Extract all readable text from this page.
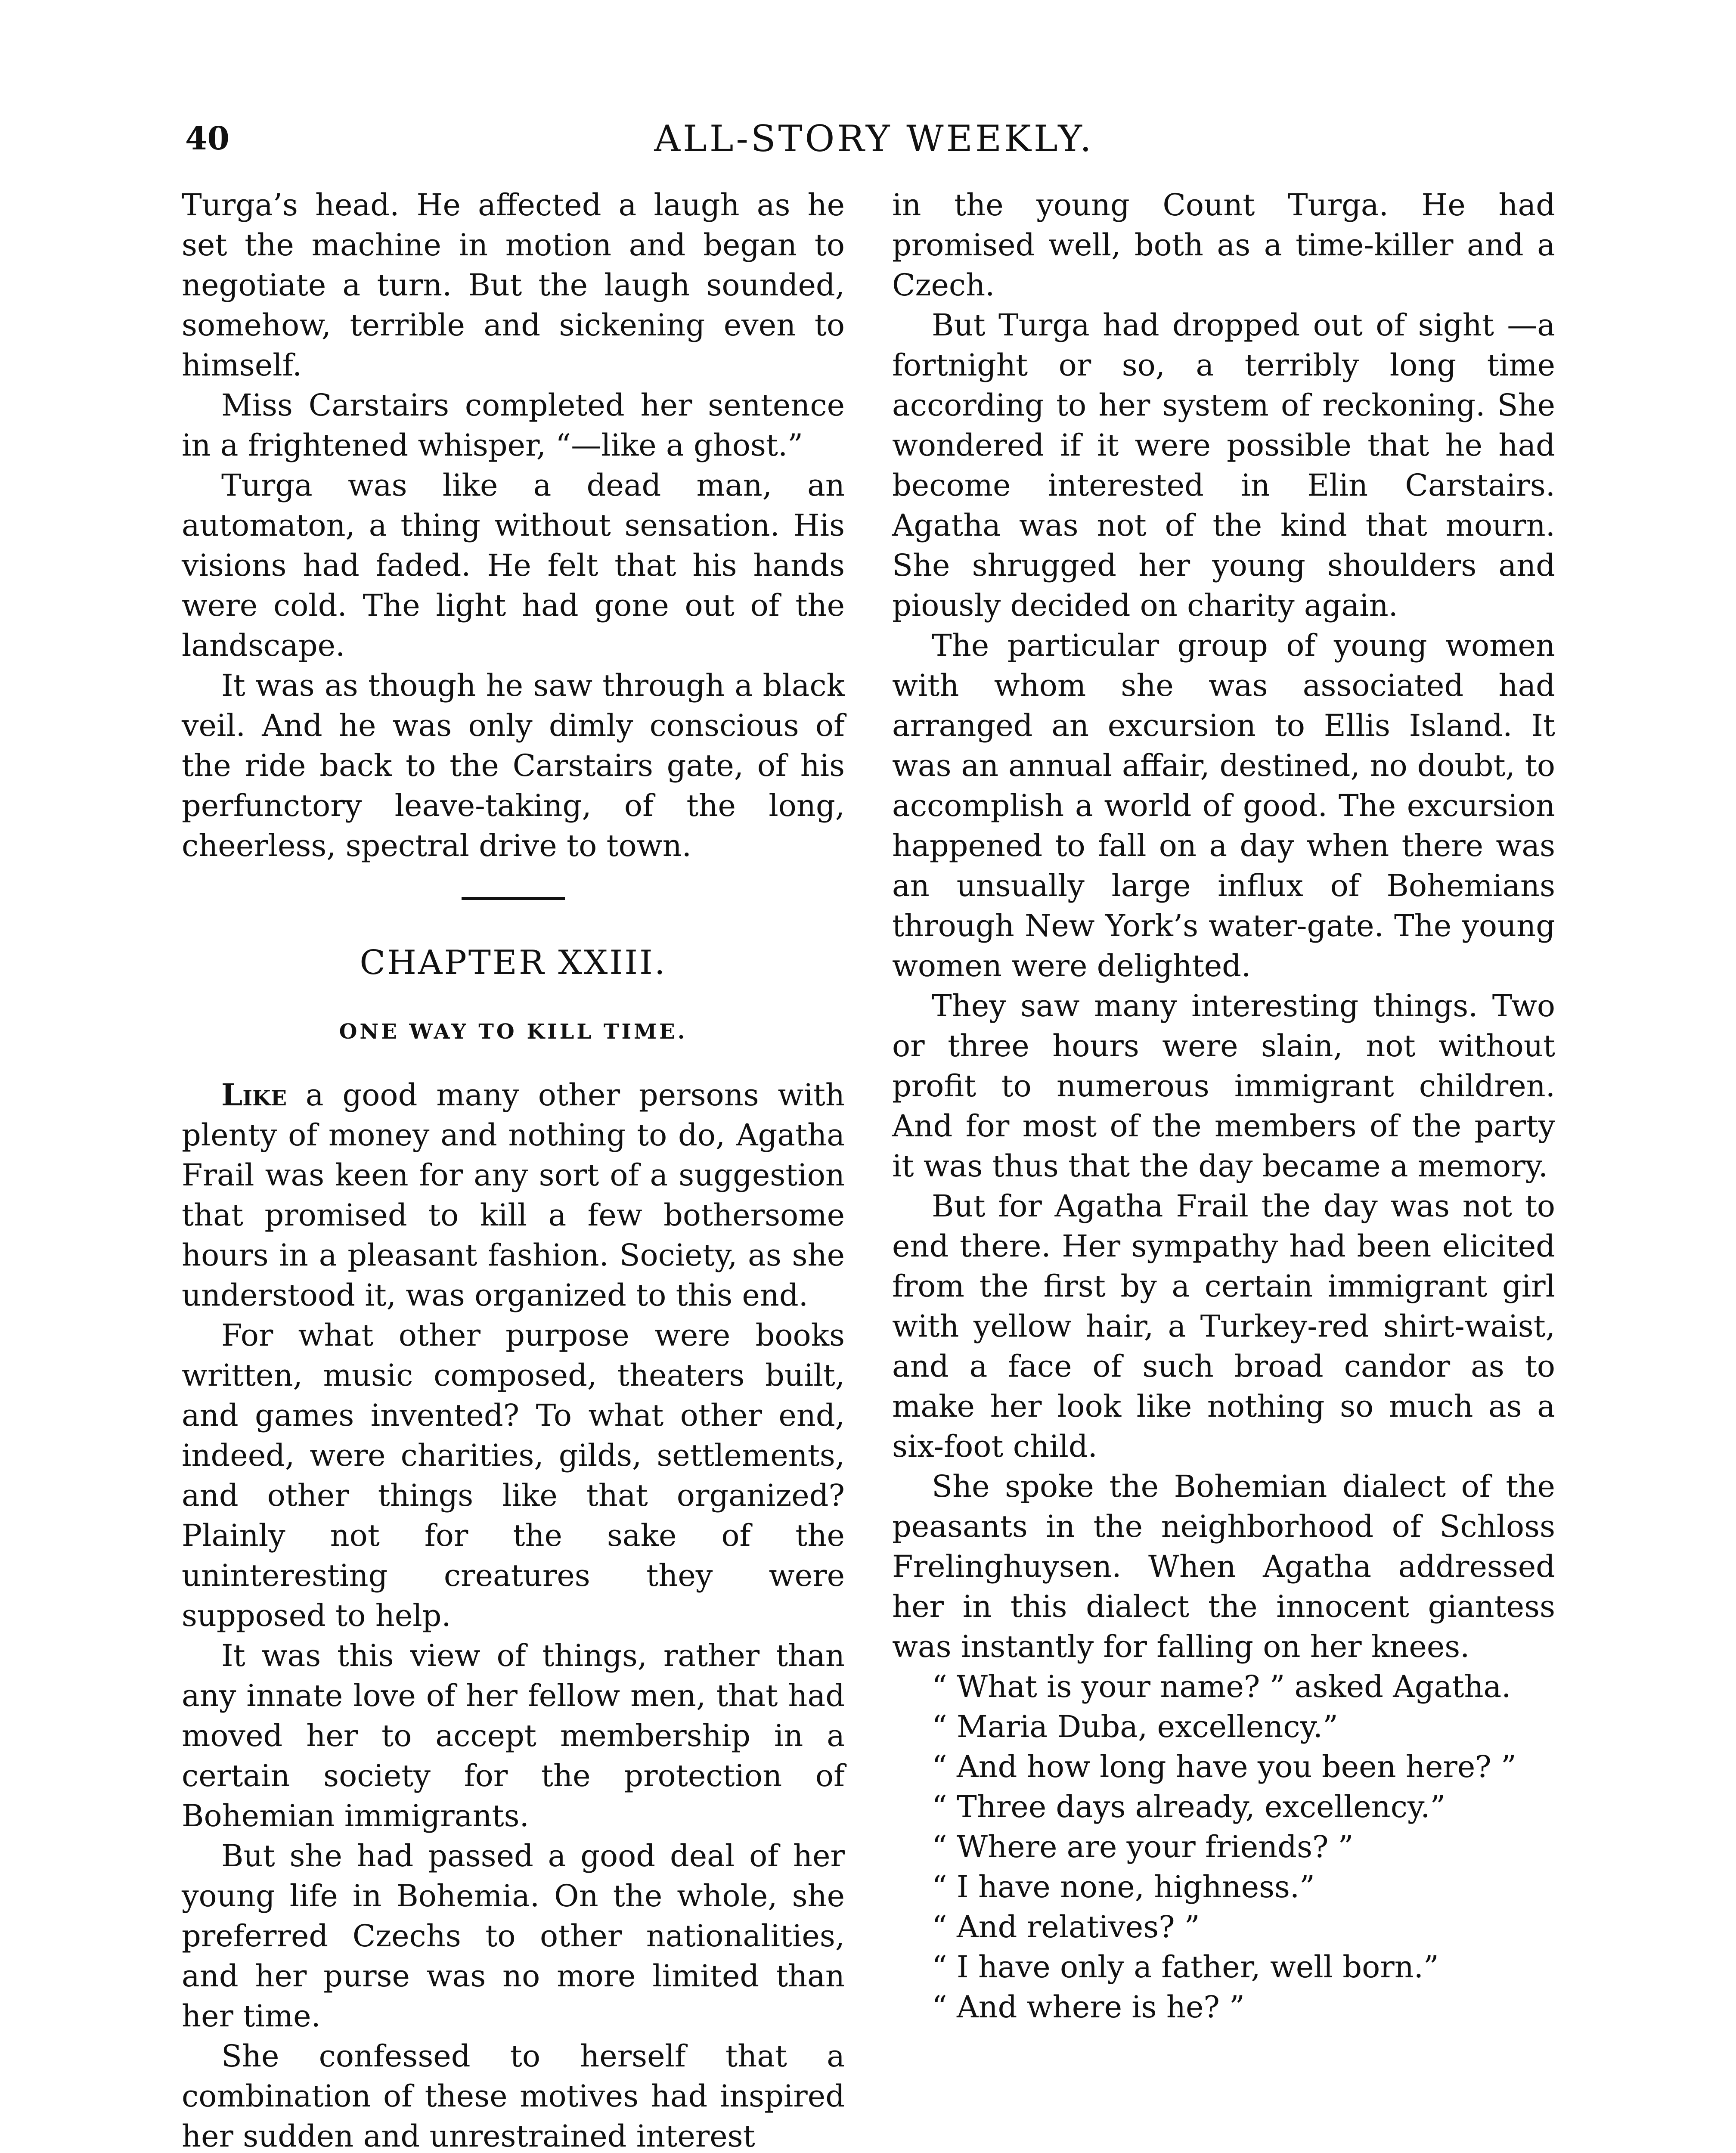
40	ALL-STORY WEEKLY.

Turga’s head. He affected a laugh as he set the machine in motion and began to negotiate a turn. But the laugh sounded, somehow, terrible and sickening even to himself.

Miss Carstairs completed her sentence in a frightened whisper, “—like a ghost.”

Turga was like a dead man, an automaton, a thing without sensation. His visions had faded. He felt that his hands were cold. The light had gone out of the landscape.

It was as though he saw through a black veil. And he was only dimly conscious of the ride back to the Carstairs gate, of his perfunctory leave-taking, of the long, cheerless, spectral drive to town.

CHAPTER XXIII.
ONE WAY TO KILL TIME.

Like a good many other persons with plenty of money and nothing to do, Agatha Frail was keen for any sort of a suggestion that promised to kill a few bothersome hours in a pleasant fashion. Society, as she understood it, was organized to this end.

For what other purpose were books written, music composed, theaters built, and games invented? To what other end, indeed, were charities, gilds, settlements, and other things like that organized? Plainly not for the sake of the uninteresting creatures they were supposed to help.

It was this view of things, rather than any innate love of her fellow men, that had moved her to accept membership in a certain society for the protection of Bohemian immigrants.

But she had passed a good deal of her young life in Bohemia. On the whole, she preferred Czechs to other nationalities, and her purse was no more limited than her time.

She confessed to herself that a combination of these motives had inspired her sudden and unrestrained interest

in the young Count Turga. He had promised well, both as a time-killer and a Czech.

But Turga had dropped out of sight —a fortnight or so, a terribly long time according to her system of reckoning. She wondered if it were possible that he had become interested in Elin Carstairs. Agatha was not of the kind that mourn. She shrugged her young shoulders and piously decided on charity again.

The particular group of young women with whom she was associated had arranged an excursion to Ellis Island. It was an annual affair, destined, no doubt, to accomplish a world of good. The excursion happened to fall on a day when there was an unsually large influx of Bohemians through New York’s water-gate. The young women were delighted.

They saw many interesting things. Two or three hours were slain, not without profit to numerous immigrant children. And for most of the members of the party it was thus that the day became a memory.

But for Agatha Frail the day was not to end there. Her sympathy had been elicited from the first by a certain immigrant girl with yellow hair, a Turkey-red shirt-waist, and a face of such broad candor as to make her look like nothing so much as a six-foot child.

She spoke the Bohemian dialect of the peasants in the neighborhood of Schloss Frelinghuysen. When Agatha addressed her in this dialect the innocent giantess was instantly for falling on her knees.

“ What is your name? ” asked Agatha.

“ Maria Duba, excellency.”

“ And how long have you been here? ”

“ Three days already, excellency.”

“ Where are your friends? ”

“ I have none, highness.”

“ And relatives? ”

“ I have only a father, well born.”

“ And where is he? ”
